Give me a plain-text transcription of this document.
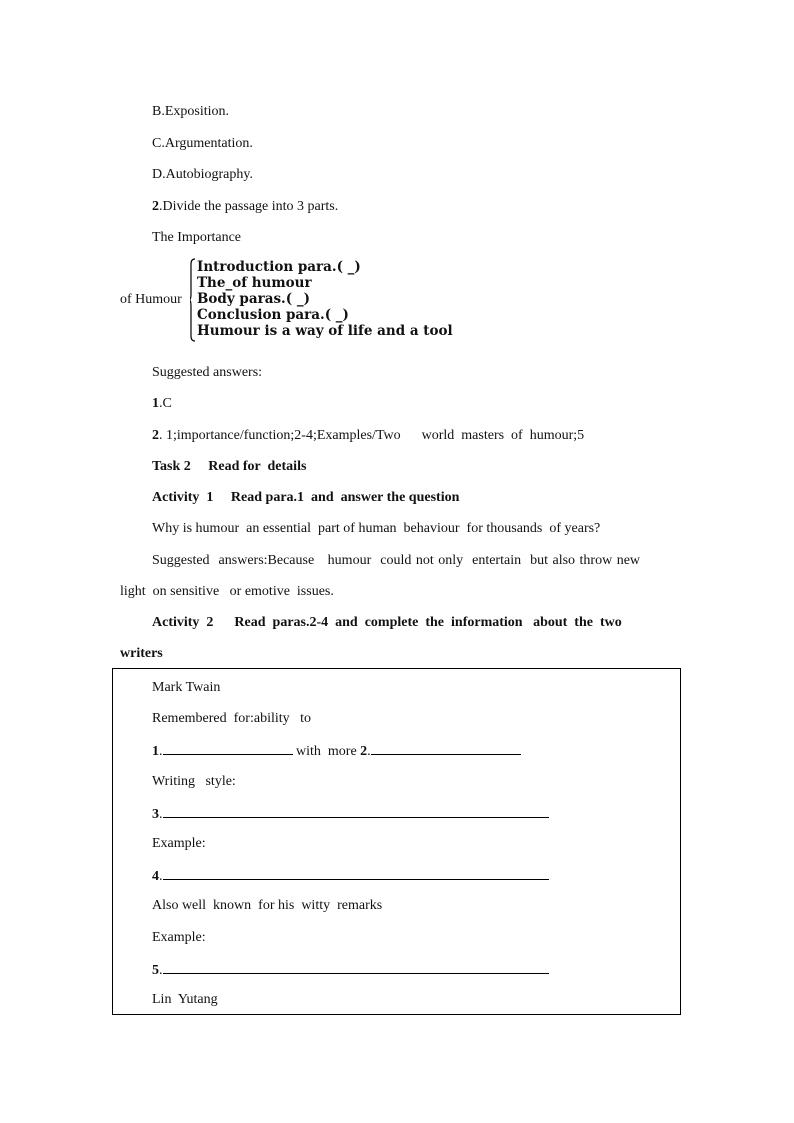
B.Exposition.
C.Argumentation.
D.Autobiography.
2.Divide the passage into 3 parts.
The Importance
of Humour
Introduction para.( _)
The_of humour
Body paras.( _)
Conclusion para.( _)
Humour is a way of life and a tool
Suggested answers:
1.C
2. 1;importance/function;2-4;Examples/Two      world  masters  of  humour;5
Task 2     Read for  details
Activity  1     Read para.1  and  answer the question
Why is humour  an essential  part of human  behaviour  for thousands  of years?
Suggested  answers:Because   humour  could not only  entertain  but also throw new
light  on sensitive   or emotive  issues.
Activity  2      Read  paras.2-4  and  complete  the  information   about  the  two
writers
Mark Twain
Remembered  for:ability   to
1.	with  more 2.
Writing   style:
3.
Example:
4.
Also well  known  for his  witty  remarks
Example:
5.
Lin  Yutang
